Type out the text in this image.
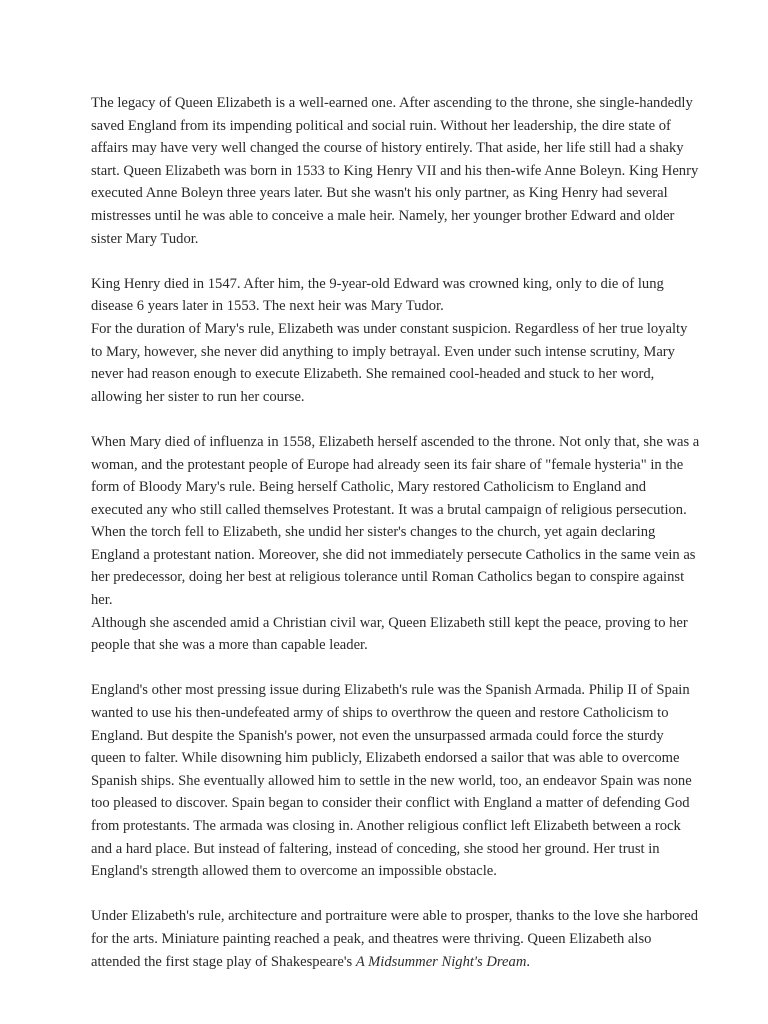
The legacy of Queen Elizabeth is a well-earned one. After ascending to the throne, she single-handedly saved England from its impending political and social ruin. Without her leadership, the dire state of affairs may have very well changed the course of history entirely. That aside, her life still had a shaky start. Queen Elizabeth was born in 1533 to King Henry VII and his then-wife Anne Boleyn. King Henry executed Anne Boleyn three years later. But she wasn't his only partner, as King Henry had several mistresses until he was able to conceive a male heir. Namely, her younger brother Edward and older sister Mary Tudor.

King Henry died in 1547. After him, the 9-year-old Edward was crowned king, only to die of lung disease 6 years later in 1553. The next heir was Mary Tudor.

For the duration of Mary's rule, Elizabeth was under constant suspicion. Regardless of her true loyalty to Mary, however, she never did anything to imply betrayal. Even under such intense scrutiny, Mary never had reason enough to execute Elizabeth. She remained cool-headed and stuck to her word, allowing her sister to run her course.

When Mary died of influenza in 1558, Elizabeth herself ascended to the throne. Not only that, she was a woman, and the protestant people of Europe had already seen its fair share of "female hysteria" in the form of Bloody Mary's rule. Being herself Catholic, Mary restored Catholicism to England and executed any who still called themselves Protestant. It was a brutal campaign of religious persecution. When the torch fell to Elizabeth, she undid her sister's changes to the church, yet again declaring England a protestant nation. Moreover, she did not immediately persecute Catholics in the same vein as her predecessor, doing her best at religious tolerance until Roman Catholics began to conspire against her.

Although she ascended amid a Christian civil war, Queen Elizabeth still kept the peace, proving to her people that she was a more than capable leader.

England's other most pressing issue during Elizabeth's rule was the Spanish Armada. Philip II of Spain wanted to use his then-undefeated army of ships to overthrow the queen and restore Catholicism to England. But despite the Spanish's power, not even the unsurpassed armada could force the sturdy queen to falter. While disowning him publicly, Elizabeth endorsed a sailor that was able to overcome Spanish ships. She eventually allowed him to settle in the new world, too, an endeavor Spain was none too pleased to discover. Spain began to consider their conflict with England a matter of defending God from protestants. The armada was closing in. Another religious conflict left Elizabeth between a rock and a hard place. But instead of faltering, instead of conceding, she stood her ground. Her trust in England's strength allowed them to overcome an impossible obstacle.

Under Elizabeth's rule, architecture and portraiture were able to prosper, thanks to the love she harbored for the arts. Miniature painting reached a peak, and theatres were thriving. Queen Elizabeth also attended the first stage play of Shakespeare's A Midsummer Night's Dream.
